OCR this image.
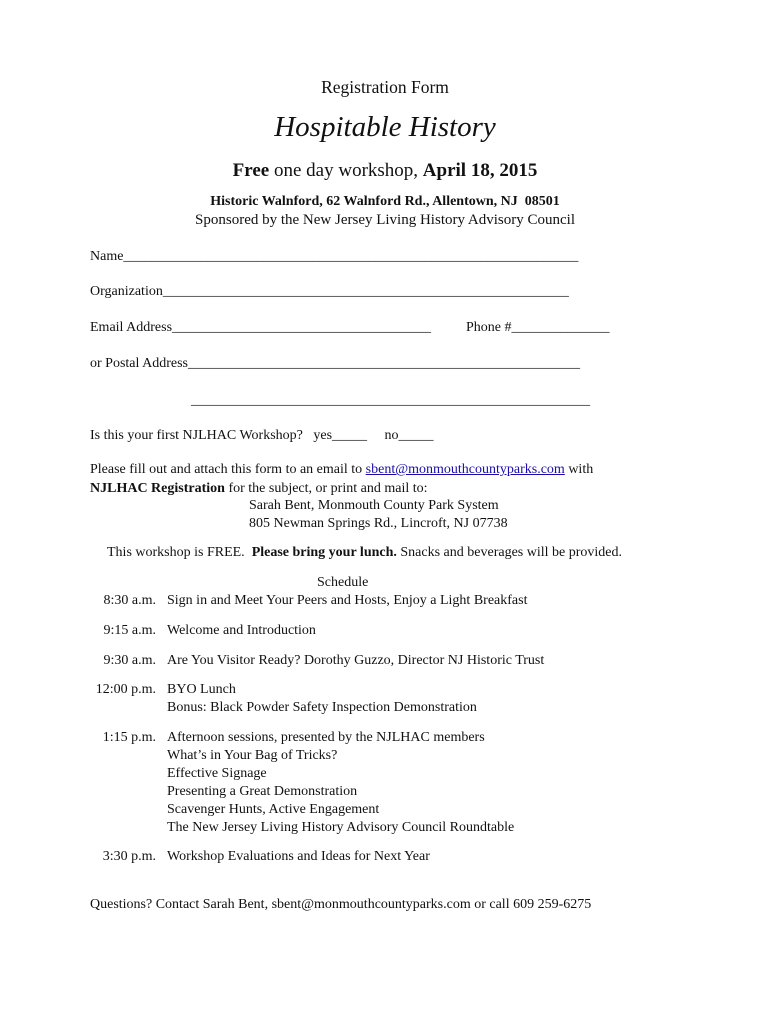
Registration Form
Hospitable History
Free one day workshop, April 18, 2015
Historic Walnford, 62 Walnford Rd., Allentown, NJ  08501
Sponsored by the New Jersey Living History Advisory Council
Name_________________________________________________________________
Organization__________________________________________________________
Email Address_____________________________________ Phone #______________
or Postal Address________________________________________________________
_________________________________________________________
Is this your first NJLHAC Workshop?   yes_____     no_____
Please fill out and attach this form to an email to sbent@monmouthcountyparks.com with
NJLHAC Registration for the subject, or print and mail to:
Sarah Bent, Monmouth County Park System
805 Newman Springs Rd., Lincroft, NJ 07738
This workshop is FREE.  Please bring your lunch. Snacks and beverages will be provided.
Schedule
8:30 a.m. Sign in and Meet Your Peers and Hosts, Enjoy a Light Breakfast
9:15 a.m. Welcome and Introduction
9:30 a.m. Are You Visitor Ready? Dorothy Guzzo, Director NJ Historic Trust
12:00 p.m. BYO Lunch
Bonus: Black Powder Safety Inspection Demonstration
1:15 p.m. Afternoon sessions, presented by the NJLHAC members
What’s in Your Bag of Tricks?
Effective Signage
Presenting a Great Demonstration
Scavenger Hunts, Active Engagement
The New Jersey Living History Advisory Council Roundtable
3:30 p.m. Workshop Evaluations and Ideas for Next Year
Questions? Contact Sarah Bent, sbent@monmouthcountyparks.com or call 609 259-6275
